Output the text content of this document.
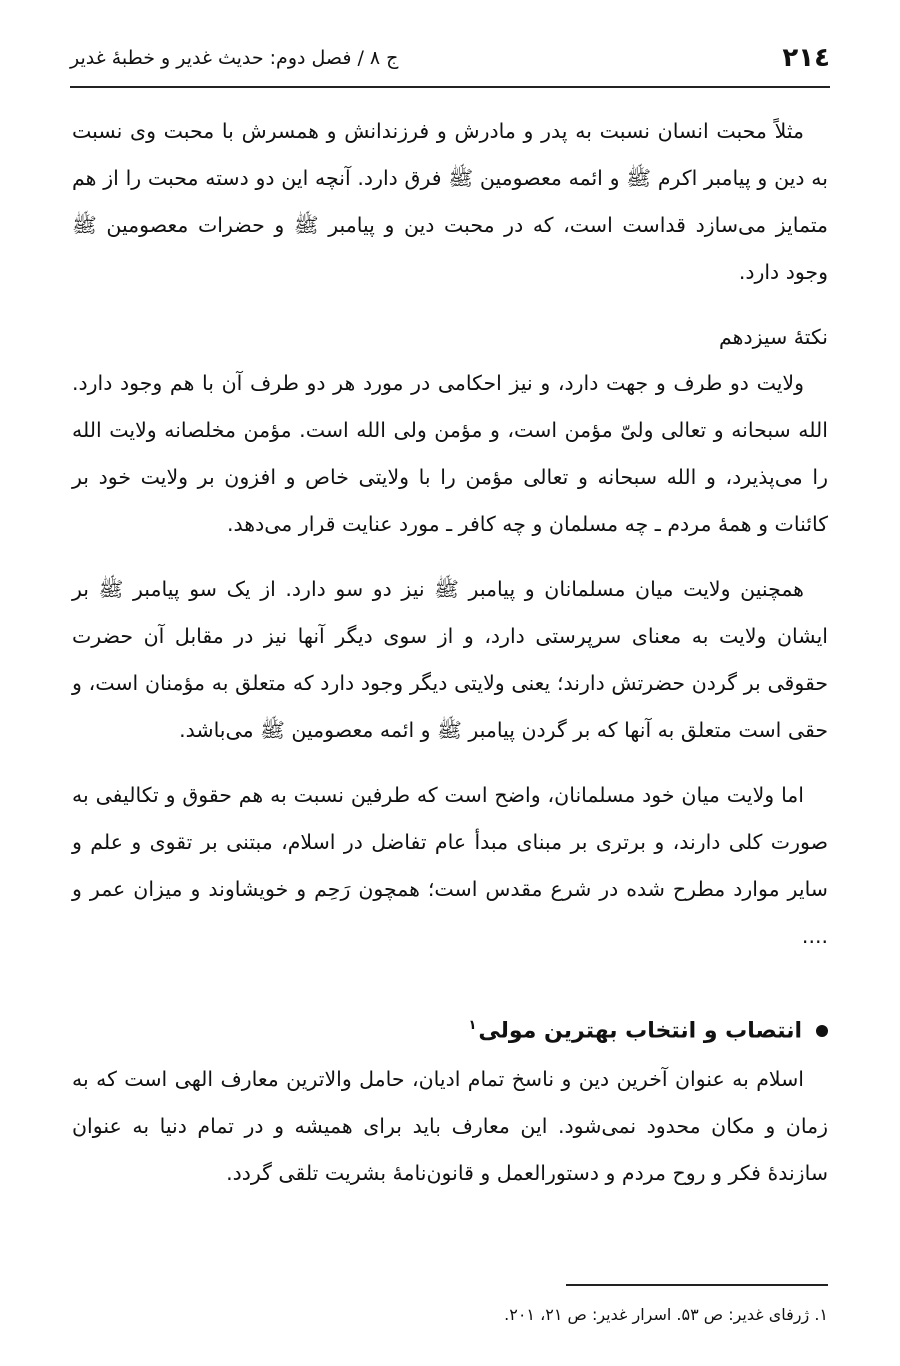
۲۱٤
ج ۸ / فصل دوم: حدیث غدیر و خطبهٔ غدیر

مثلاً محبت انسان نسبت به پدر و مادرش و فرزندانش و همسرش با محبت وی نسبت به دین و پیامبر اکرم ﷺ و ائمه معصومین ﷺ فرق دارد. آنچه این دو دسته محبت را از هم متمایز می‌سازد قداست است، که در محبت دین و پیامبر ﷺ و حضرات معصومین ﷺ وجود دارد.

نکتهٔ سیزدهم

ولایت دو طرف و جهت دارد، و نیز احکامی در مورد هر دو طرف آن با هم وجود دارد. الله سبحانه و تعالی ولیّ مؤمن است، و مؤمن ولی الله است. مؤمن مخلصانه ولایت الله را می‌پذیرد، و الله سبحانه و تعالی مؤمن را با ولایتی خاص و افزون بر ولایت خود بر کائنات و همهٔ مردم ـ چه مسلمان و چه کافر ـ مورد عنایت قرار می‌دهد.

همچنین ولایت میان مسلمانان و پیامبر ﷺ نیز دو سو دارد. از یک سو پیامبر ﷺ بر ایشان ولایت به معنای سرپرستی دارد، و از سوی دیگر آنها نیز در مقابل آن حضرت حقوقی بر گردن حضرتش دارند؛ یعنی ولایتی دیگر وجود دارد که متعلق به مؤمنان است، و حقی است متعلق به آنها که بر گردن پیامبر ﷺ و ائمه معصومین ﷺ می‌باشد.

اما ولایت میان خود مسلمانان، واضح است که طرفین نسبت به هم حقوق و تکالیفی به صورت کلی دارند، و برتری بر مبنای مبدأ عام تفاضل در اسلام، مبتنی بر تقوی و علم و سایر موارد مطرح شده در شرع مقدس است؛ همچون رَحِم و خویشاوند و میزان عمر و ....

انتصاب و انتخاب بهترین مولی$^۱$

اسلام به عنوان آخرین دین و ناسخ تمام ادیان، حامل والاترین معارف الهی است که به زمان و مکان محدود نمی‌شود. این معارف باید برای همیشه و در تمام دنیا به عنوان سازندهٔ فکر و روح مردم و دستورالعمل و قانون‌نامهٔ بشریت تلقی گردد.

۱. ژرفای غدیر: ص ۵۳. اسرار غدیر: ص ۲۱، ۲۰۱.
